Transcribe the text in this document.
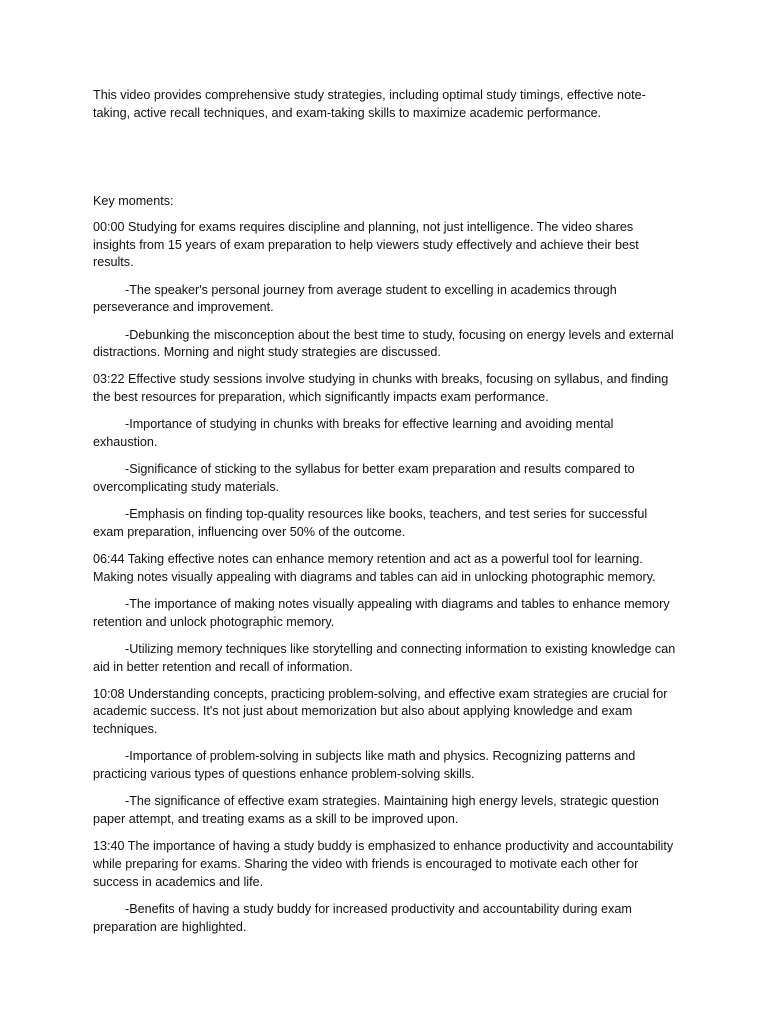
This video provides comprehensive study strategies, including optimal study timings, effective note-taking, active recall techniques, and exam-taking skills to maximize academic performance.

Key moments:

00:00 Studying for exams requires discipline and planning, not just intelligence. The video shares insights from 15 years of exam preparation to help viewers study effectively and achieve their best results.

-The speaker's personal journey from average student to excelling in academics through perseverance and improvement.

-Debunking the misconception about the best time to study, focusing on energy levels and external distractions. Morning and night study strategies are discussed.

03:22 Effective study sessions involve studying in chunks with breaks, focusing on syllabus, and finding the best resources for preparation, which significantly impacts exam performance.

-Importance of studying in chunks with breaks for effective learning and avoiding mental exhaustion.

-Significance of sticking to the syllabus for better exam preparation and results compared to overcomplicating study materials.

-Emphasis on finding top-quality resources like books, teachers, and test series for successful exam preparation, influencing over 50% of the outcome.

06:44 Taking effective notes can enhance memory retention and act as a powerful tool for learning. Making notes visually appealing with diagrams and tables can aid in unlocking photographic memory.

-The importance of making notes visually appealing with diagrams and tables to enhance memory retention and unlock photographic memory.

-Utilizing memory techniques like storytelling and connecting information to existing knowledge can aid in better retention and recall of information.

10:08 Understanding concepts, practicing problem-solving, and effective exam strategies are crucial for academic success. It's not just about memorization but also about applying knowledge and exam techniques.

-Importance of problem-solving in subjects like math and physics. Recognizing patterns and practicing various types of questions enhance problem-solving skills.

-The significance of effective exam strategies. Maintaining high energy levels, strategic question paper attempt, and treating exams as a skill to be improved upon.

13:40 The importance of having a study buddy is emphasized to enhance productivity and accountability while preparing for exams. Sharing the video with friends is encouraged to motivate each other for success in academics and life.

-Benefits of having a study buddy for increased productivity and accountability during exam preparation are highlighted.
